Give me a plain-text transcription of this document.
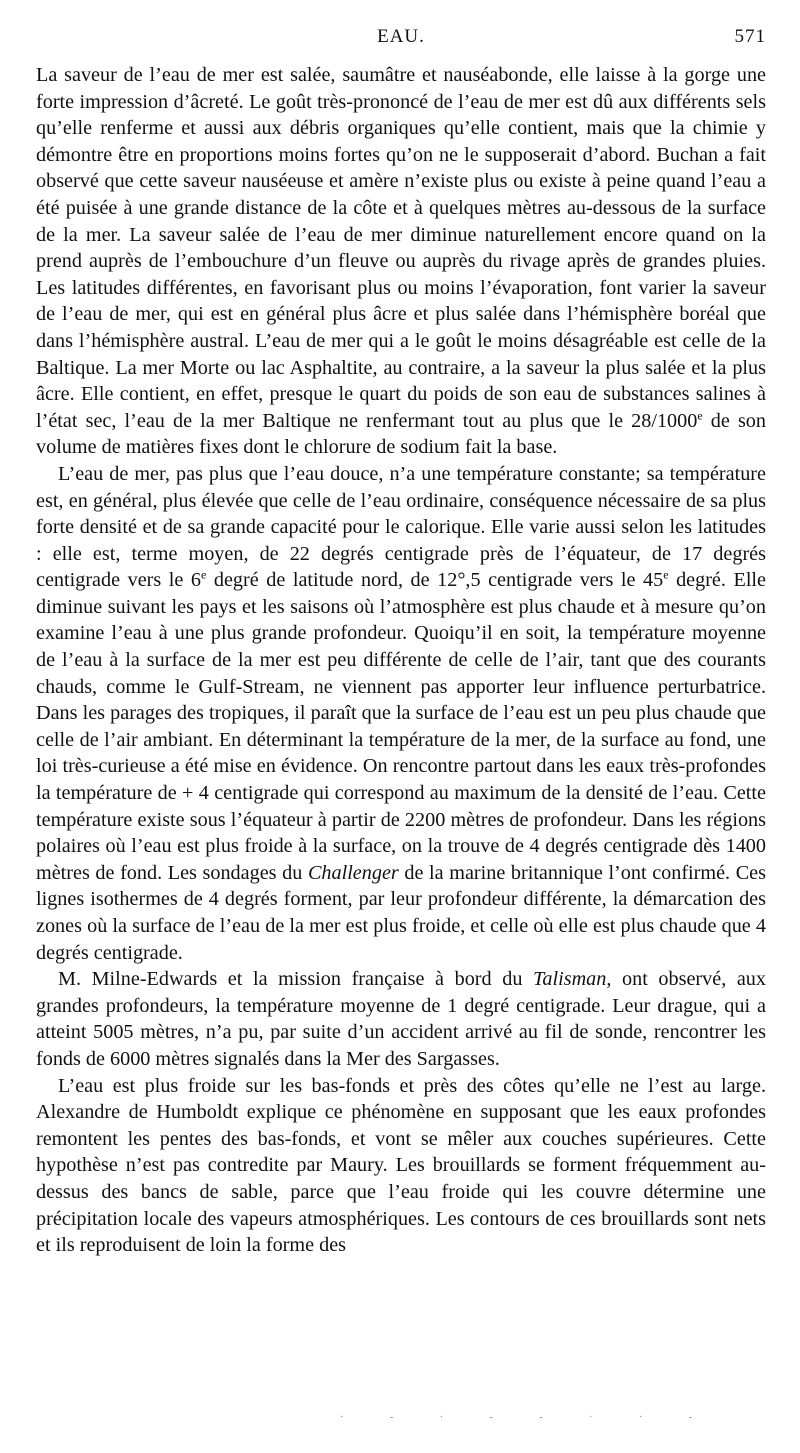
EAU.	571

La saveur de l’eau de mer est salée, saumâtre et nauséabonde, elle laisse à la gorge une forte impression d’âcreté. Le goût très-prononcé de l’eau de mer est dû aux différents sels qu’elle renferme et aussi aux débris organiques qu’elle contient, mais que la chimie y démontre être en proportions moins fortes qu’on ne le supposerait d’abord. Buchan a fait observé que cette saveur nauséeuse et amère n’existe plus ou existe à peine quand l’eau a été puisée à une grande distance de la côte et à quelques mètres au-dessous de la surface de la mer. La saveur salée de l’eau de mer diminue naturellement encore quand on la prend auprès de l’embouchure d’un fleuve ou auprès du rivage après de grandes pluies. Les latitudes différentes, en favorisant plus ou moins l’évaporation, font varier la saveur de l’eau de mer, qui est en général plus âcre et plus salée dans l’hémisphère boréal que dans l’hémisphère austral. L’eau de mer qui a le goût le moins désagréable est celle de la Baltique. La mer Morte ou lac Asphaltite, au contraire, a la saveur la plus salée et la plus âcre. Elle contient, en effet, presque le quart du poids de son eau de substances salines à l’état sec, l’eau de la mer Baltique ne renfermant tout au plus que le 28/1000e de son volume de matières fixes dont le chlorure de sodium fait la base.

L’eau de mer, pas plus que l’eau douce, n’a une température constante; sa température est, en général, plus élevée que celle de l’eau ordinaire, conséquence nécessaire de sa plus forte densité et de sa grande capacité pour le calorique. Elle varie aussi selon les latitudes : elle est, terme moyen, de 22 degrés centigrade près de l’équateur, de 17 degrés centigrade vers le 6e degré de latitude nord, de 12°,5 centigrade vers le 45e degré. Elle diminue suivant les pays et les saisons où l’atmosphère est plus chaude et à mesure qu’on examine l’eau à une plus grande profondeur. Quoiqu’il en soit, la température moyenne de l’eau à la surface de la mer est peu différente de celle de l’air, tant que des courants chauds, comme le Gulf-Stream, ne viennent pas apporter leur influence perturbatrice. Dans les parages des tropiques, il paraît que la surface de l’eau est un peu plus chaude que celle de l’air ambiant. En déterminant la température de la mer, de la surface au fond, une loi très-curieuse a été mise en évidence. On rencontre partout dans les eaux très-profondes la température de + 4 centigrade qui correspond au maximum de la densité de l’eau. Cette température existe sous l’équateur à partir de 2200 mètres de profondeur. Dans les régions polaires où l’eau est plus froide à la surface, on la trouve de 4 degrés centigrade dès 1400 mètres de fond. Les sondages du Challenger de la marine britannique l’ont confirmé. Ces lignes isothermes de 4 degrés forment, par leur profondeur différente, la démarcation des zones où la surface de l’eau de la mer est plus froide, et celle où elle est plus chaude que 4 degrés centigrade.

M. Milne-Edwards et la mission française à bord du Talisman, ont observé, aux grandes profondeurs, la température moyenne de 1 degré centigrade. Leur drague, qui a atteint 5005 mètres, n’a pu, par suite d’un accident arrivé au fil de sonde, rencontrer les fonds de 6000 mètres signalés dans la Mer des Sargasses.

L’eau est plus froide sur les bas-fonds et près des côtes qu’elle ne l’est au large. Alexandre de Humboldt explique ce phénomène en supposant que les eaux profondes remontent les pentes des bas-fonds, et vont se mêler aux couches supérieures. Cette hypothèse n’est pas contredite par Maury. Les brouillards se forment fréquemment au-dessus des bancs de sable, parce que l’eau froide qui les couvre détermine une précipitation locale des vapeurs atmosphériques. Les contours de ces brouillards sont nets et ils reproduisent de loin la forme des

· - · - - · · -
